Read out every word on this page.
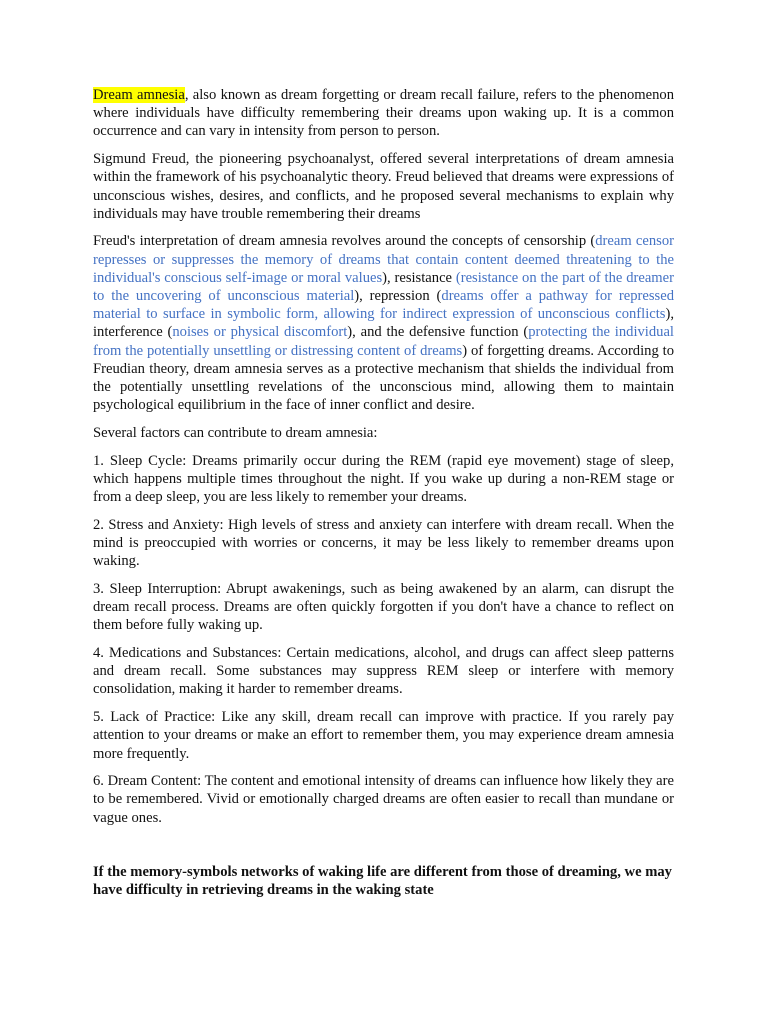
Dream amnesia, also known as dream forgetting or dream recall failure, refers to the phenomenon where individuals have difficulty remembering their dreams upon waking up. It is a common occurrence and can vary in intensity from person to person.

Sigmund Freud, the pioneering psychoanalyst, offered several interpretations of dream amnesia within the framework of his psychoanalytic theory. Freud believed that dreams were expressions of unconscious wishes, desires, and conflicts, and he proposed several mechanisms to explain why individuals may have trouble remembering their dreams

Freud's interpretation of dream amnesia revolves around the concepts of censorship (dream censor represses or suppresses the memory of dreams that contain content deemed threatening to the individual's conscious self-image or moral values), resistance (resistance on the part of the dreamer to the uncovering of unconscious material), repression (dreams offer a pathway for repressed material to surface in symbolic form, allowing for indirect expression of unconscious conflicts), interference (noises or physical discomfort), and the defensive function (protecting the individual from the potentially unsettling or distressing content of dreams) of forgetting dreams. According to Freudian theory, dream amnesia serves as a protective mechanism that shields the individual from the potentially unsettling revelations of the unconscious mind, allowing them to maintain psychological equilibrium in the face of inner conflict and desire.

Several factors can contribute to dream amnesia:

1. Sleep Cycle: Dreams primarily occur during the REM (rapid eye movement) stage of sleep, which happens multiple times throughout the night. If you wake up during a non-REM stage or from a deep sleep, you are less likely to remember your dreams.

2. Stress and Anxiety: High levels of stress and anxiety can interfere with dream recall. When the mind is preoccupied with worries or concerns, it may be less likely to remember dreams upon waking.

3. Sleep Interruption: Abrupt awakenings, such as being awakened by an alarm, can disrupt the dream recall process. Dreams are often quickly forgotten if you don't have a chance to reflect on them before fully waking up.

4. Medications and Substances: Certain medications, alcohol, and drugs can affect sleep patterns and dream recall. Some substances may suppress REM sleep or interfere with memory consolidation, making it harder to remember dreams.

5. Lack of Practice: Like any skill, dream recall can improve with practice. If you rarely pay attention to your dreams or make an effort to remember them, you may experience dream amnesia more frequently.

6. Dream Content: The content and emotional intensity of dreams can influence how likely they are to be remembered. Vivid or emotionally charged dreams are often easier to recall than mundane or vague ones.

If the memory-symbols networks of waking life are different from those of dreaming, we may have difficulty in retrieving dreams in the waking state
